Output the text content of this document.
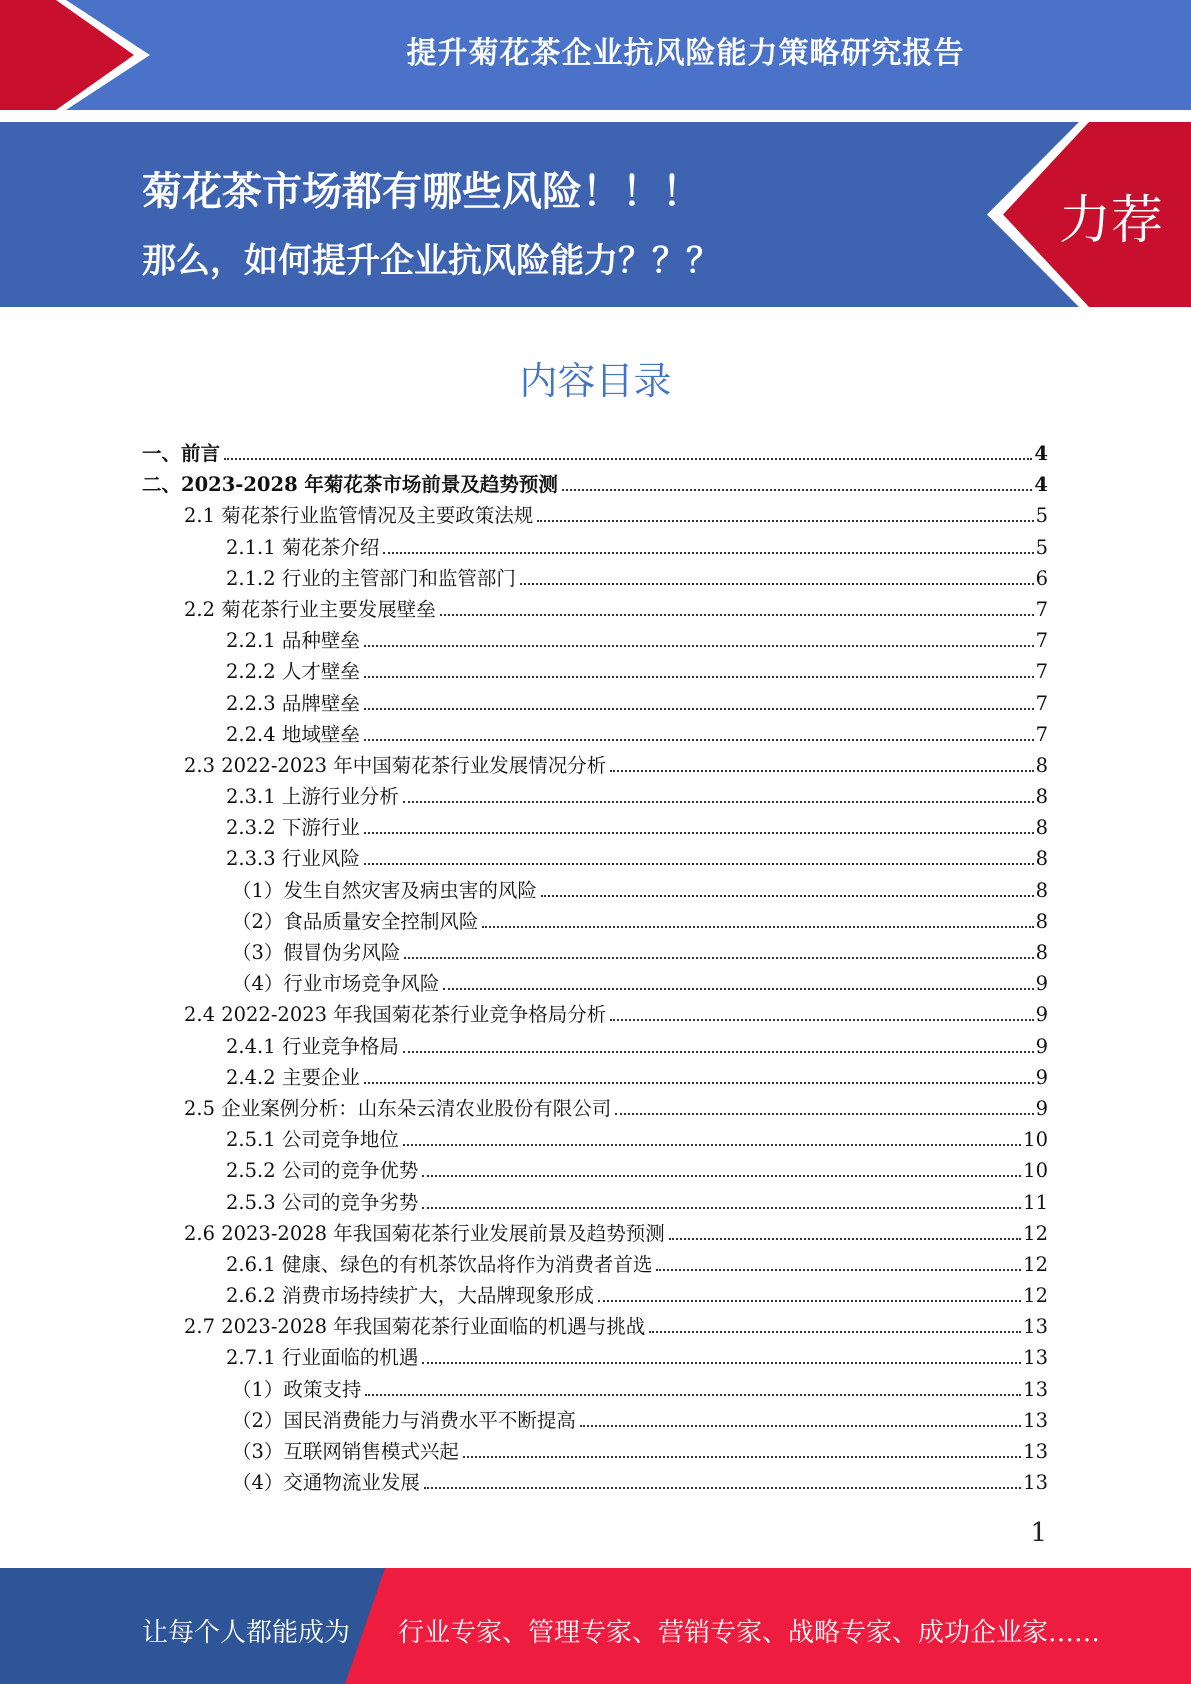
提升菊花茶企业抗风险能力策略研究报告
菊花茶市场都有哪些风险！！！
那么，如何提升企业抗风险能力？？？
力荐
内容目录
一、前言	4
二、2023-2028 年菊花茶市场前景及趋势预测	4
2.1 菊花茶行业监管情况及主要政策法规	5
2.1.1 菊花茶介绍	5
2.1.2 行业的主管部门和监管部门	6
2.2 菊花茶行业主要发展壁垒	7
2.2.1 品种壁垒	7
2.2.2 人才壁垒	7
2.2.3 品牌壁垒	7
2.2.4 地域壁垒	7
2.3 2022-2023 年中国菊花茶行业发展情况分析	8
2.3.1 上游行业分析	8
2.3.2 下游行业	8
2.3.3 行业风险	8
（1）发生自然灾害及病虫害的风险	8
（2）食品质量安全控制风险	8
（3）假冒伪劣风险	8
（4）行业市场竞争风险	9
2.4 2022-2023 年我国菊花茶行业竞争格局分析	9
2.4.1 行业竞争格局	9
2.4.2 主要企业	9
2.5 企业案例分析：山东朵云清农业股份有限公司	9
2.5.1 公司竞争地位	10
2.5.2 公司的竞争优势	10
2.5.3 公司的竞争劣势	11
2.6 2023-2028 年我国菊花茶行业发展前景及趋势预测	12
2.6.1 健康、绿色的有机茶饮品将作为消费者首选	12
2.6.2 消费市场持续扩大，大品牌现象形成	12
2.7 2023-2028 年我国菊花茶行业面临的机遇与挑战	13
2.7.1 行业面临的机遇	13
（1）政策支持	13
（2）国民消费能力与消费水平不断提高	13
（3）互联网销售模式兴起	13
（4）交通物流业发展	13
1
让每个人都能成为 行业专家、管理专家、营销专家、战略专家、成功企业家……
